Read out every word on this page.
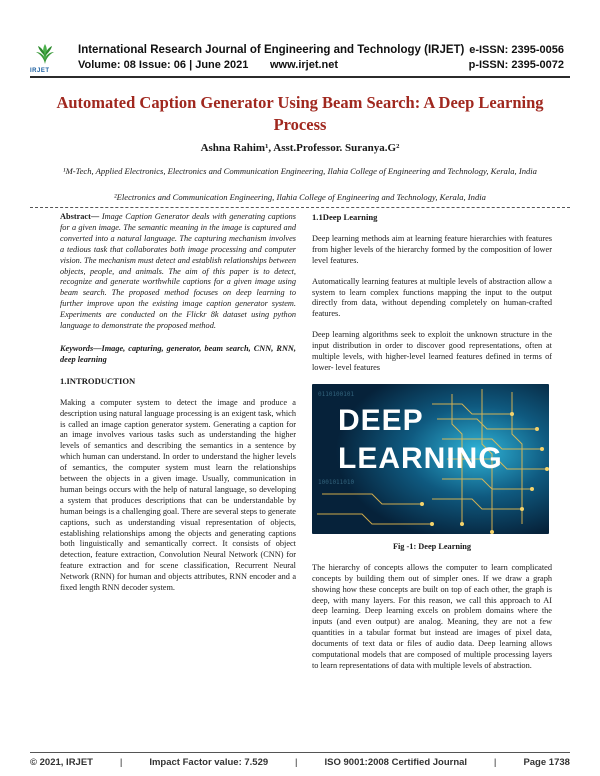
IRJET
International Research Journal of Engineering and Technology (IRJET)
Volume: 08 Issue: 06 | June 2021 www.irjet.net
e-ISSN: 2395-0056
p-ISSN: 2395-0072
Automated Caption Generator Using Beam Search: A Deep Learning Process
Ashna Rahim¹, Asst.Professor. Suranya.G²
¹M-Tech, Applied Electronics, Electronics and Communication Engineering, Ilahia College of Engineering and Technology, Kerala, India
²Electronics and Communication Engineering, Ilahia College of Engineering and Technology, Kerala, India

Abstract— Image Caption Generator deals with generating captions for a given image. The semantic meaning in the image is captured and converted into a natural language. The capturing mechanism involves a tedious task that collaborates both image processing and computer vision. The mechanism must detect and establish relationships between objects, people, and animals. The aim of this paper is to detect, recognize and generate worthwhile captions for a given image using beam search. The proposed method focuses on deep learning to further improve upon the existing image caption generator system. Experiments are conducted on the Flickr 8k dataset using python language to demonstrate the proposed method.

Keywords—Image, capturing, generator, beam search, CNN, RNN, deep learning

1.INTRODUCTION

Making a computer system to detect the image and produce a description using natural language processing is an exigent task, which is called an image caption generator system. Generating a caption for an image involves various tasks such as understanding the higher levels of semantics and describing the semantics in a sentence by which human can understand. In order to understand the higher levels of semantics, the computer system must learn the relationships between the objects in a given image. Usually, communication in human beings occurs with the help of natural language, so developing a system that produces descriptions that can be understandable by human beings is a challenging goal. There are several steps to generate captions, such as understanding visual representation of objects, establishing relationships among the objects and generating captions both linguistically and semantically correct. It consists of object detection, feature extraction, Convolution Neural Network (CNN) for feature extraction and for scene classification, Recurrent Neural Network (RNN) for human and objects attributes, RNN encoder and a fixed length RNN decoder system.

1.1Deep Learning

Deep learning methods aim at learning feature hierarchies with features from higher levels of the hierarchy formed by the composition of lower level features.

Automatically learning features at multiple levels of abstraction allow a system to learn complex functions mapping the input to the output directly from data, without depending completely on human-crafted features.

Deep learning algorithms seek to exploit the unknown structure in the input distribution in order to discover good representations, often at multiple levels, with higher-level learned features defined in terms of lower- level features

0110100101
1001011010
DEEP
LEARNING
Fig -1: Deep Learning

The hierarchy of concepts allows the computer to learn complicated concepts by building them out of simpler ones. If we draw a graph showing how these concepts are built on top of each other, the graph is deep, with many layers. For this reason, we call this approach to AI deep learning. Deep learning excels on problem domains where the inputs (and even output) are analog. Meaning, they are not a few quantities in a tabular format but instead are images of pixel data, documents of text data or files of audio data. Deep learning allows computational models that are composed of multiple processing layers to learn representations of data with multiple levels of abstraction.

© 2021, IRJET	|	Impact Factor value: 7.529	|	ISO 9001:2008 Certified Journal	|	Page 1738
